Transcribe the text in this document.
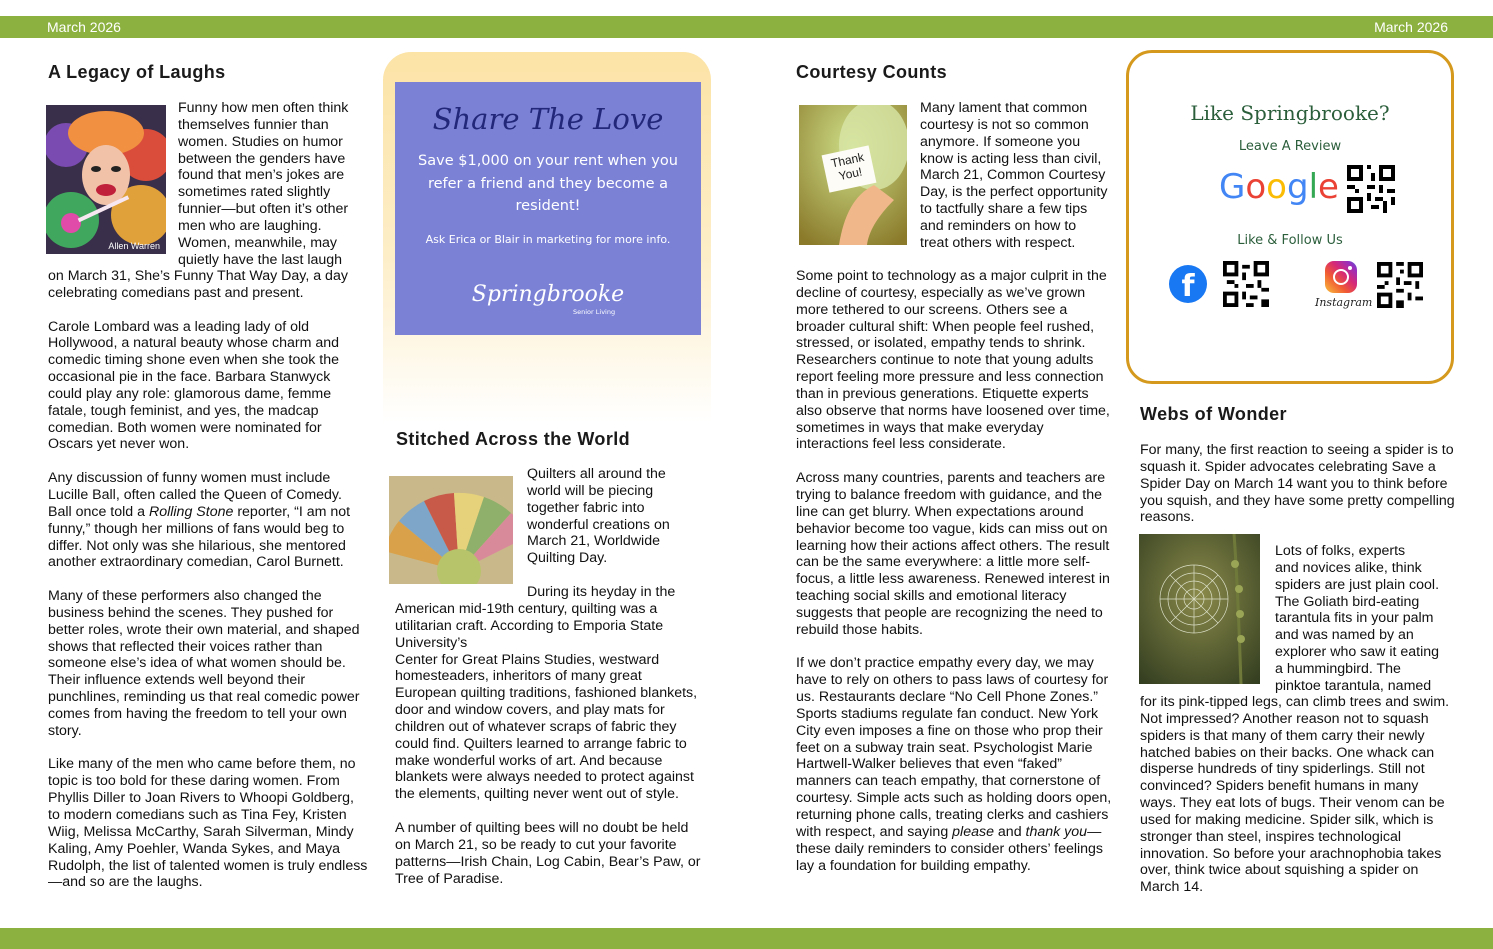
March 2026	March 2026
A Legacy of Laughs
Allen Warren
Funny how men often think
themselves funnier than
women. Studies on humor
between the genders have
found that men’s jokes are
sometimes rated slightly
funnier—but often it’s other
men who are laughing.
Women, meanwhile, may
quietly have the last laugh

on March 31, She’s Funny That Way Day, a day celebrating comedians past and present.

Carole Lombard was a leading lady of old Hollywood, a natural beauty whose charm and comedic timing shone even when she took the occasional pie in the face. Barbara Stanwyck could play any role: glamorous dame, femme fatale, tough feminist, and yes, the madcap comedian. Both women were nominated for Oscars yet never won.

Any discussion of funny women must include Lucille Ball, often called the Queen of Comedy. Ball once told a Rolling Stone reporter, “I am not funny,” though her millions of fans would beg to differ. Not only was she hilarious, she mentored another extraordinary comedian, Carol Burnett.

Many of these performers also changed the business behind the scenes. They pushed for better roles, wrote their own material, and shaped shows that reflected their voices rather than someone else’s idea of what women should be. Their influence extends well beyond their punchlines, reminding us that real comedic power comes from having the freedom to tell your own story.

Like many of the men who came before them, no topic is too bold for these daring women. From Phyllis Diller to Joan Rivers to Whoopi Goldberg, to modern comedians such as Tina Fey, Kristen Wiig, Melissa McCarthy, Sarah Silverman, Mindy Kaling, Amy Poehler, Wanda Sykes, and Maya Rudolph, the list of talented women is truly endless—and so are the laughs.

Share The Love
Save $1,000 on your rent when you refer a friend and they become a resident!
Ask Erica or Blair in marketing for more info.
Springbrooke
Senior Living
Stitched Across the World
Quilters all around the
world will be piecing
together fabric into
wonderful creations on
March 21, Worldwide
Quilting Day.
During its heyday in the
American mid-19th century, quilting was a utilitarian craft. According to Emporia State University’s

Center for Great Plains Studies, westward homesteaders, inheritors of many great European quilting traditions, fashioned blankets, door and window covers, and play mats for children out of whatever scraps of fabric they could find. Quilters learned to arrange fabric to make wonderful works of art. And because blankets were always needed to protect against the elements, quilting never went out of style.

A number of quilting bees will no doubt be held on March 21, so be ready to cut your favorite patterns—Irish Chain, Log Cabin, Bear’s Paw, or Tree of Paradise.

Courtesy Counts
Thank You!
Many lament that common
courtesy is not so common
anymore. If someone you
know is acting less than civil,
March 21, Common Courtesy
Day, is the perfect opportunity
to tactfully share a few tips
and reminders on how to
treat others with respect.

Some point to technology as a major culprit in the decline of courtesy, especially as we’ve grown more tethered to our screens. Others see a broader cultural shift: When people feel rushed, stressed, or isolated, empathy tends to shrink. Researchers continue to note that young adults report feeling more pressure and less connection than in previous generations. Etiquette experts also observe that norms have loosened over time, sometimes in ways that make everyday interactions feel less considerate.

Across many countries, parents and teachers are trying to balance freedom with guidance, and the line can get blurry. When expectations around behavior become too vague, kids can miss out on learning how their actions affect others. The result can be the same everywhere: a little more self-focus, a little less awareness. Renewed interest in teaching social skills and emotional literacy suggests that people are recognizing the need to rebuild those habits.

If we don’t practice empathy every day, we may have to rely on others to pass laws of courtesy for us. Restaurants declare “No Cell Phone Zones.” Sports stadiums regulate fan conduct. New York City even imposes a fine on those who prop their feet on a subway train seat. Psychologist Marie Hartwell-Walker believes that even “faked” manners can teach empathy, that cornerstone of courtesy. Simple acts such as holding doors open, returning phone calls, treating clerks and cashiers with respect, and saying please and thank you—these daily reminders to consider others’ feelings lay a foundation for building empathy.

Like Springbrooke?
Leave A Review
Google
Like & Follow Us
f	Instagram
Webs of Wonder
For many, the first reaction to seeing a spider is to squash it. Spider advocates celebrating Save a Spider Day on March 14 want you to think before you squish, and they have some pretty compelling reasons.
Lots of folks, experts
and novices alike, think
spiders are just plain cool.
The Goliath bird-eating
tarantula fits in your palm
and was named by an
explorer who saw it eating
a hummingbird. The
pinktoe tarantula, named
for its pink-tipped legs, can climb trees and swim. Not impressed? Another reason not to squash spiders is that many of them carry their newly hatched babies on their backs. One whack can disperse hundreds of tiny spiderlings. Still not convinced? Spiders benefit humans in many ways. They eat lots of bugs. Their venom can be used for making medicine. Spider silk, which is stronger than steel, inspires technological innovation. So before your arachnophobia takes over, think twice about squishing a spider on March 14.
